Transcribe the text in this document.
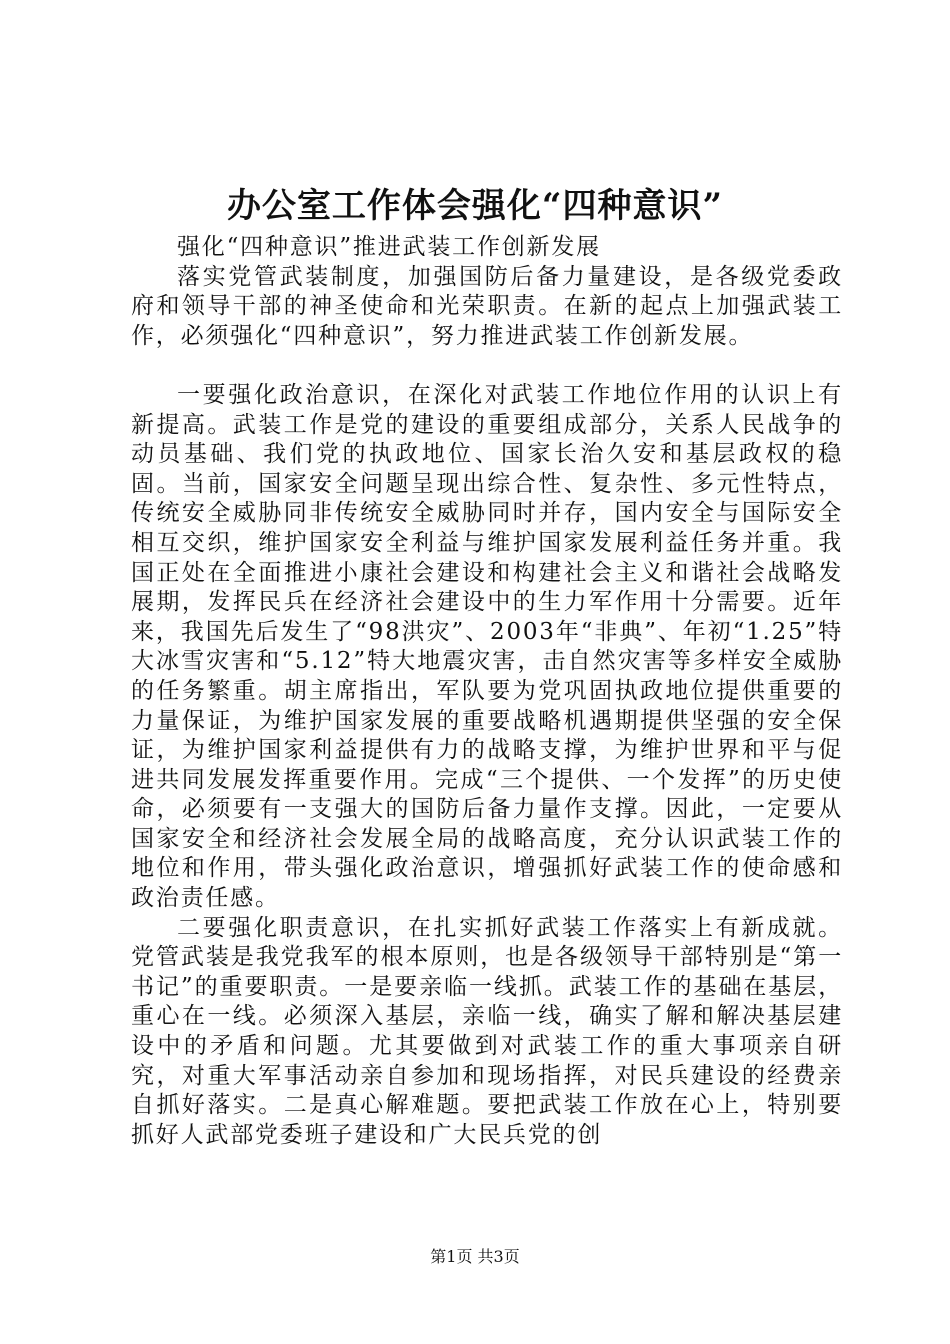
办公室工作体会强化“四种意识”

强化“四种意识”推进武装工作创新发展

落实党管武装制度，加强国防后备力量建设，是各级党委政府和领导干部的神圣使命和光荣职责。在新的起点上加强武装工作，必须强化“四种意识”，努力推进武装工作创新发展。

一要强化政治意识，在深化对武装工作地位作用的认识上有新提高。武装工作是党的建设的重要组成部分，关系人民战争的动员基础、我们党的执政地位、国家长治久安和基层政权的稳固。当前，国家安全问题呈现出综合性、复杂性、多元性特点，传统安全威胁同非传统安全威胁同时并存，国内安全与国际安全相互交织，维护国家安全利益与维护国家发展利益任务并重。我国正处在全面推进小康社会建设和构建社会主义和谐社会战略发展期，发挥民兵在经济社会建设中的生力军作用十分需要。近年来，我国先后发生了“98洪灾”、2003年“非典”、年初“1.25”特大冰雪灾害和“5.12”特大地震灾害，击自然灾害等多样安全威胁的任务繁重。胡主席指出，军队要为党巩固执政地位提供重要的力量保证，为维护国家发展的重要战略机遇期提供坚强的安全保证，为维护国家利益提供有力的战略支撑，为维护世界和平与促进共同发展发挥重要作用。完成“三个提供、一个发挥”的历史使命，必须要有一支强大的国防后备力量作支撑。因此，一定要从国家安全和经济社会发展全局的战略高度，充分认识武装工作的地位和作用，带头强化政治意识，增强抓好武装工作的使命感和政治责任感。

二要强化职责意识，在扎实抓好武装工作落实上有新成就。党管武装是我党我军的根本原则，也是各级领导干部特别是“第一书记”的重要职责。一是要亲临一线抓。武装工作的基础在基层，重心在一线。必须深入基层，亲临一线，确实了解和解决基层建设中的矛盾和问题。尤其要做到对武装工作的重大事项亲自研究，对重大军事活动亲自参加和现场指挥，对民兵建设的经费亲自抓好落实。二是真心解难题。要把武装工作放在心上，特别要抓好人武部党委班子建设和广大民兵党的创

第1页 共3页
